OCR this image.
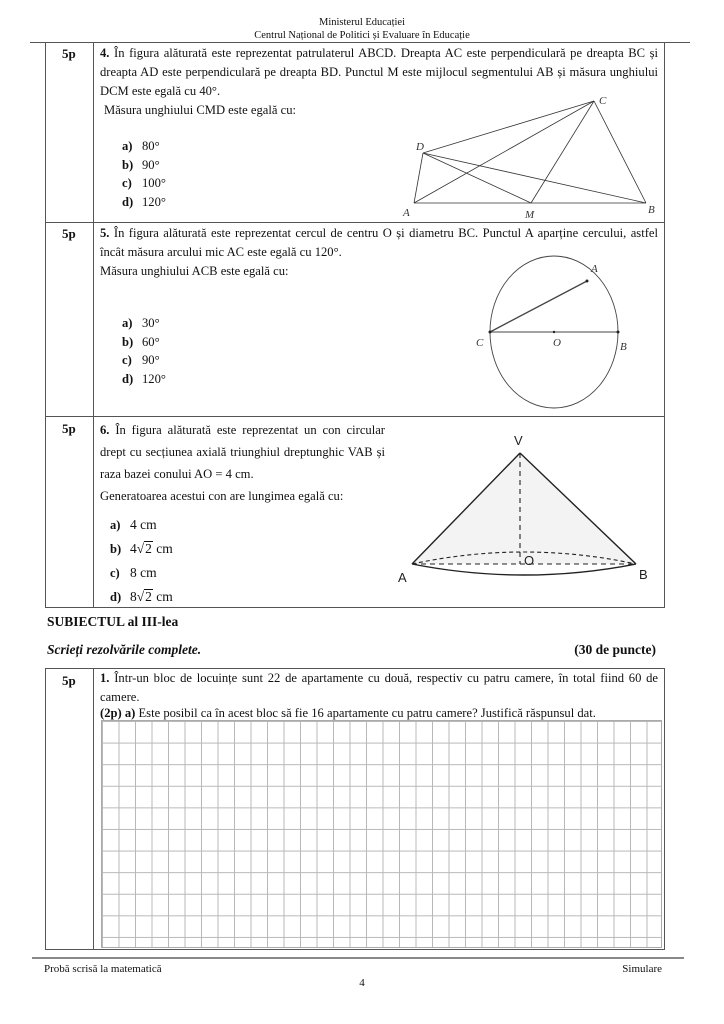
Ministerul Educației
Centrul Național de Politici și Evaluare în Educație
5p 4. În figura alăturată este reprezentat patrulaterul ABCD. Dreapta AC este perpendiculară pe dreapta BC și dreapta AD este perpendiculară pe dreapta BD. Punctul M este mijlocul segmentului AB și măsura unghiului DCM este egală cu 40°.
Măsura unghiului CMD este egală cu:
a) 80°
b) 90°
c) 100°
d) 120°
C
D
A	M	B
5p 5. În figura alăturată este reprezentat cercul de centru O și diametru BC. Punctul A aparține cercului, astfel încât măsura arcului mic AC este egală cu 120°.
Măsura unghiului ACB este egală cu:
a) 30°
b) 60°
c) 90°
d) 120°
A
C	O	B
5p 6. În figura alăturată este reprezentat un con circular drept cu secțiunea axială triunghiul dreptunghic VAB și raza bazei conului AO = 4 cm.
Generatoarea acestui con are lungimea egală cu:
a) 4 cm
b) 4√2 cm
c) 8 cm
d) 8√2 cm
V
A	B
O
SUBIECTUL al III-lea
Scrieți rezolvările complete.	(30 de puncte)
5p 1. Într-un bloc de locuințe sunt 22 de apartamente cu două, respectiv cu patru camere, în total fiind 60 de camere.
(2p) a) Este posibil ca în acest bloc să fie 16 apartamente cu patru camere? Justifică răspunsul dat.
Probă scrisă la matematică	Simulare
4
